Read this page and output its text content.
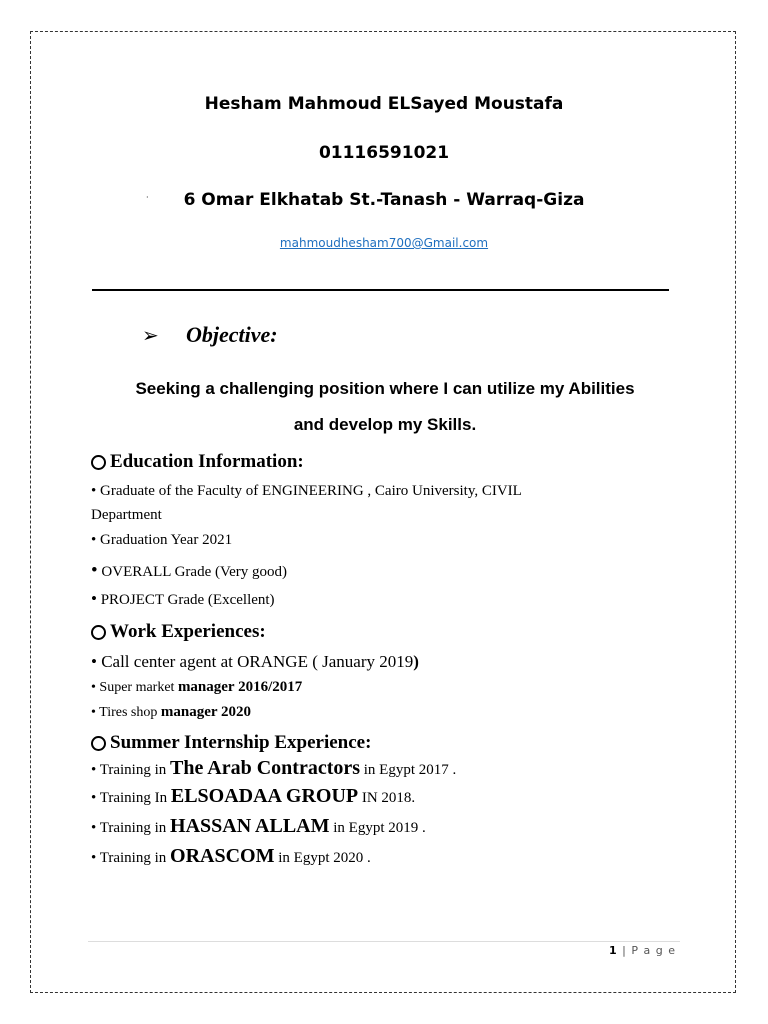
Hesham Mahmoud ELSayed Moustafa
01116591021
·	6 Omar Elkhatab St.-Tanash - Warraq-Giza
mahmoudhesham700@Gmail.com
➢ Objective:
Seeking a challenging position where I can utilize my Abilities
and develop my Skills.
Education Information:
• Graduate of the Faculty of ENGINEERING , Cairo University, CIVIL
Department
• Graduation Year 2021
• OVERALL Grade (Very good)
• PROJECT Grade (Excellent)
Work Experiences:
• Call center agent at ORANGE ( January 2019)
• Super market manager 2016/2017
• Tires shop manager 2020
Summer Internship Experience:
• Training in The Arab Contractors in Egypt 2017 .
• Training In ELSOADAA GROUP IN 2018.
• Training in HASSAN ALLAM in Egypt 2019 .
• Training in ORASCOM in Egypt 2020 .
1 | P a g e
